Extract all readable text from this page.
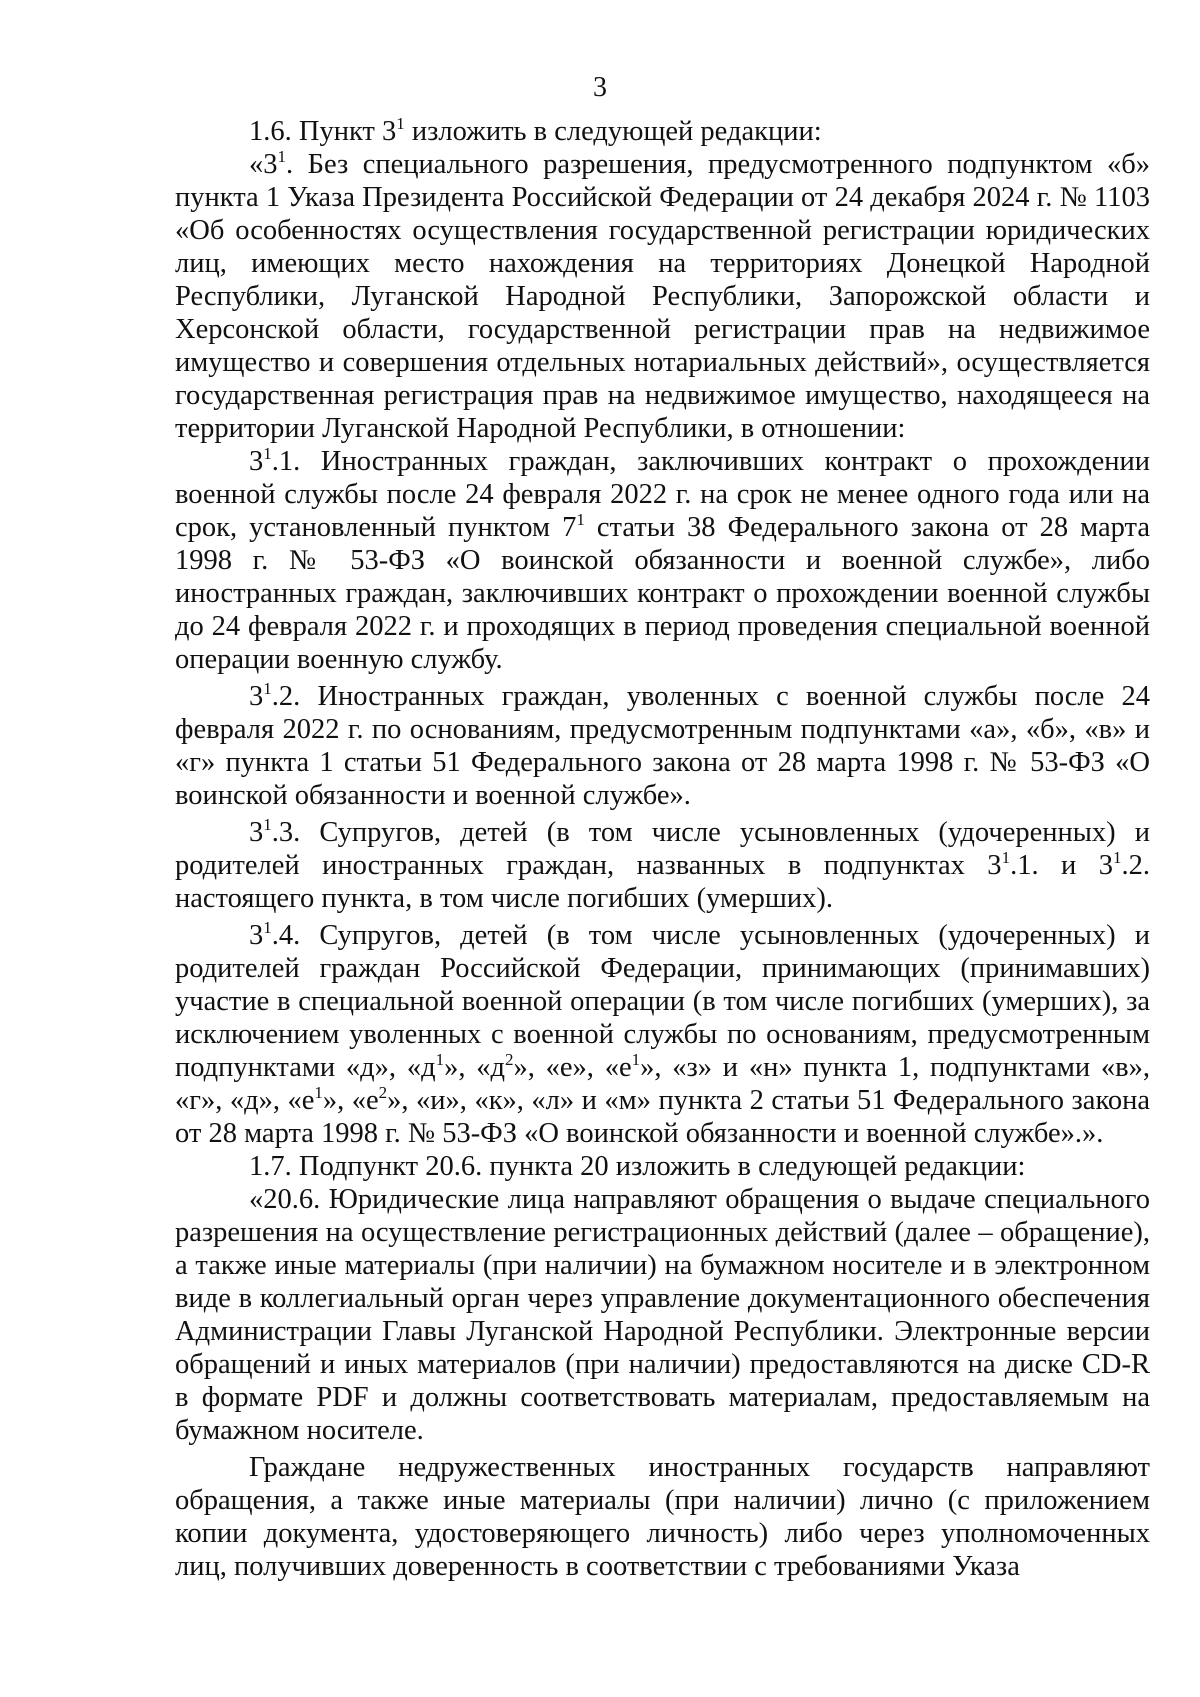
3

1.6. Пункт $3^1$ изложить в следующей редакции:

«$3^1$. Без специального разрешения, предусмотренного подпунктом «б» пункта 1 Указа Президента Российской Федерации от 24 декабря 2024 г. № 1103 «Об особенностях осуществления государственной регистрации юридических лиц, имеющих место нахождения на территориях Донецкой Народной Республики, Луганской Народной Республики, Запорожской области и Херсонской области, государственной регистрации прав на недвижимое имущество и совершения отдельных нотариальных действий», осуществляется государственная регистрация прав на недвижимое имущество, находящееся на территории Луганской Народной Республики, в отношении:

$3^1.1$. Иностранных граждан, заключивших контракт о прохождении военной службы после 24 февраля 2022 г. на срок не менее одного года или на срок, установленный пунктом $7^1$ статьи 38 Федерального закона от 28 марта 1998 г. № 53-ФЗ «О воинской обязанности и военной службе», либо иностранных граждан, заключивших контракт о прохождении военной службы до 24 февраля 2022 г. и проходящих в период проведения специальной военной операции военную службу.

$3^1.2$. Иностранных граждан, уволенных с военной службы после 24 февраля 2022 г. по основаниям, предусмотренным подпунктами «а», «б», «в» и «г» пункта 1 статьи 51 Федерального закона от 28 марта 1998 г. № 53-ФЗ «О воинской обязанности и военной службе».

$3^1.3$. Супругов, детей (в том числе усыновленных (удочеренных) и родителей иностранных граждан, названных в подпунктах $3^1.1$. и $3^1.2$. настоящего пункта, в том числе погибших (умерших).

$3^1.4$. Супругов, детей (в том числе усыновленных (удочеренных) и родителей граждан Российской Федерации, принимающих (принимавших) участие в специальной военной операции (в том числе погибших (умерших), за исключением уволенных с военной службы по основаниям, предусмотренным подпунктами «д», «$д^1$», «$д^2$», «е», «$е^1$», «з» и «н» пункта 1, подпунктами «в», «г», «д», «$е^1$», «$е^2$», «и», «к», «л» и «м» пункта 2 статьи 51 Федерального закона от 28 марта 1998 г. № 53-ФЗ «О воинской обязанности и военной службе».».

1.7. Подпункт 20.6. пункта 20 изложить в следующей редакции:

«20.6. Юридические лица направляют обращения о выдаче специального разрешения на осуществление регистрационных действий (далее – обращение), а также иные материалы (при наличии) на бумажном носителе и в электронном виде в коллегиальный орган через управление документационного обеспечения Администрации Главы Луганской Народной Республики. Электронные версии обращений и иных материалов (при наличии) предоставляются на диске CD-R в формате PDF и должны соответствовать материалам, предоставляемым на бумажном носителе.

Граждане недружественных иностранных государств направляют обращения, а также иные материалы (при наличии) лично (с приложением копии документа, удостоверяющего личность) либо через уполномоченных лиц, получивших доверенность в соответствии с требованиями Указа
